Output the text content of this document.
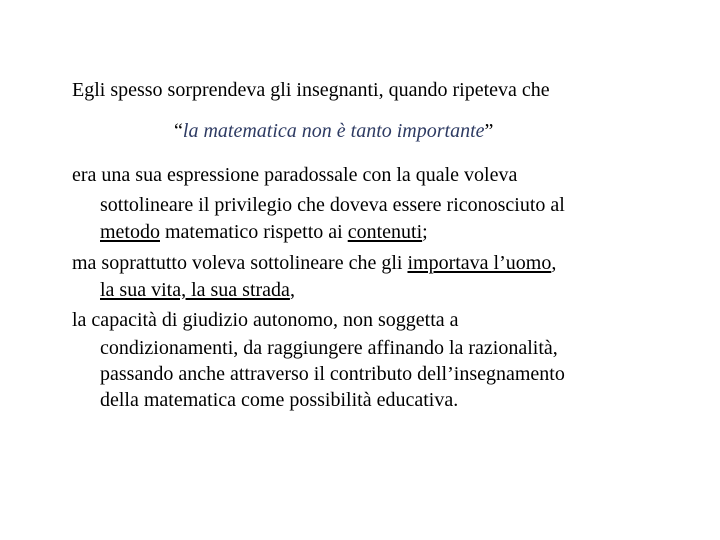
Egli spesso sorprendeva gli insegnanti, quando ripeteva che
“la matematica non è tanto importante”
era una sua espressione paradossale con la quale voleva
sottolineare il privilegio che doveva essere riconosciuto al
metodo matematico rispetto ai contenuti;
ma soprattutto voleva sottolineare che gli importava l’uomo,
la sua vita, la sua strada,
la capacità di giudizio autonomo, non soggetta a
condizionamenti, da raggiungere affinando la razionalità,
passando anche attraverso il contributo dell’insegnamento
della matematica come possibilità educativa.
